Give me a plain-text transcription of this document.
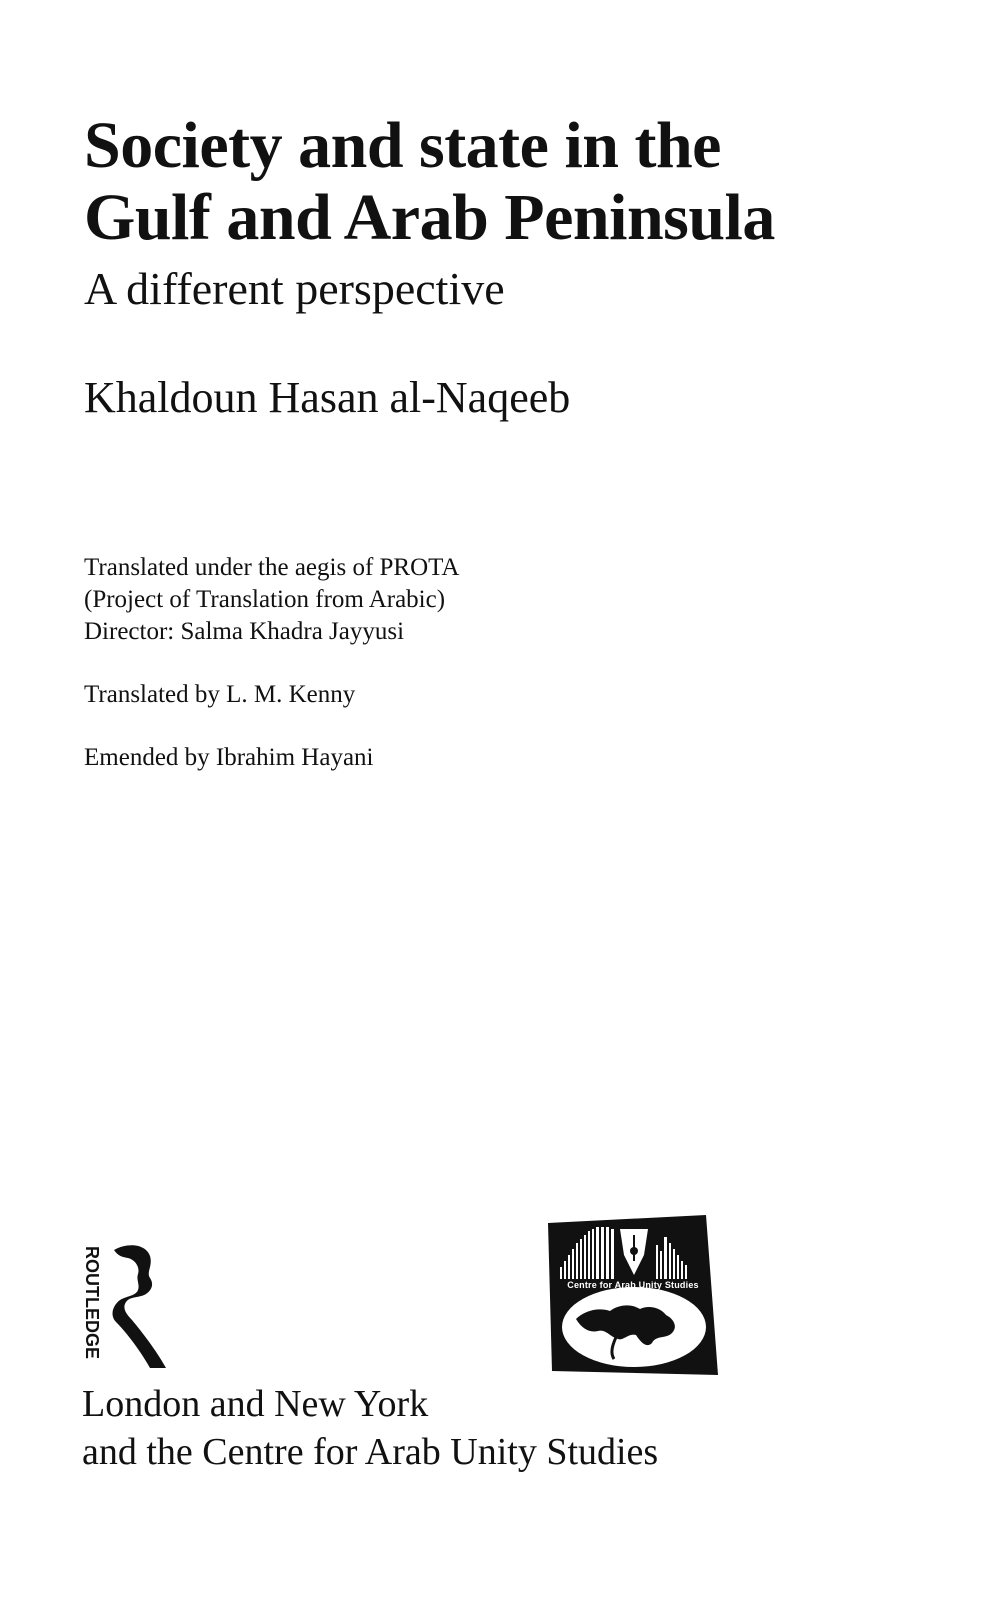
Society and state in the

Gulf and Arab Peninsula

A different perspective
Khaldoun Hasan al-Naqeeb

Translated under the aegis of PROTA

(Project of Translation from Arabic)

Director: Salma Khadra Jayyusi

Translated by L. M. Kenny

Emended by Ibrahim Hayani

ROUTLEDGE	Centre for Arab Unity Studies

London and New York

and the Centre for Arab Unity Studies
